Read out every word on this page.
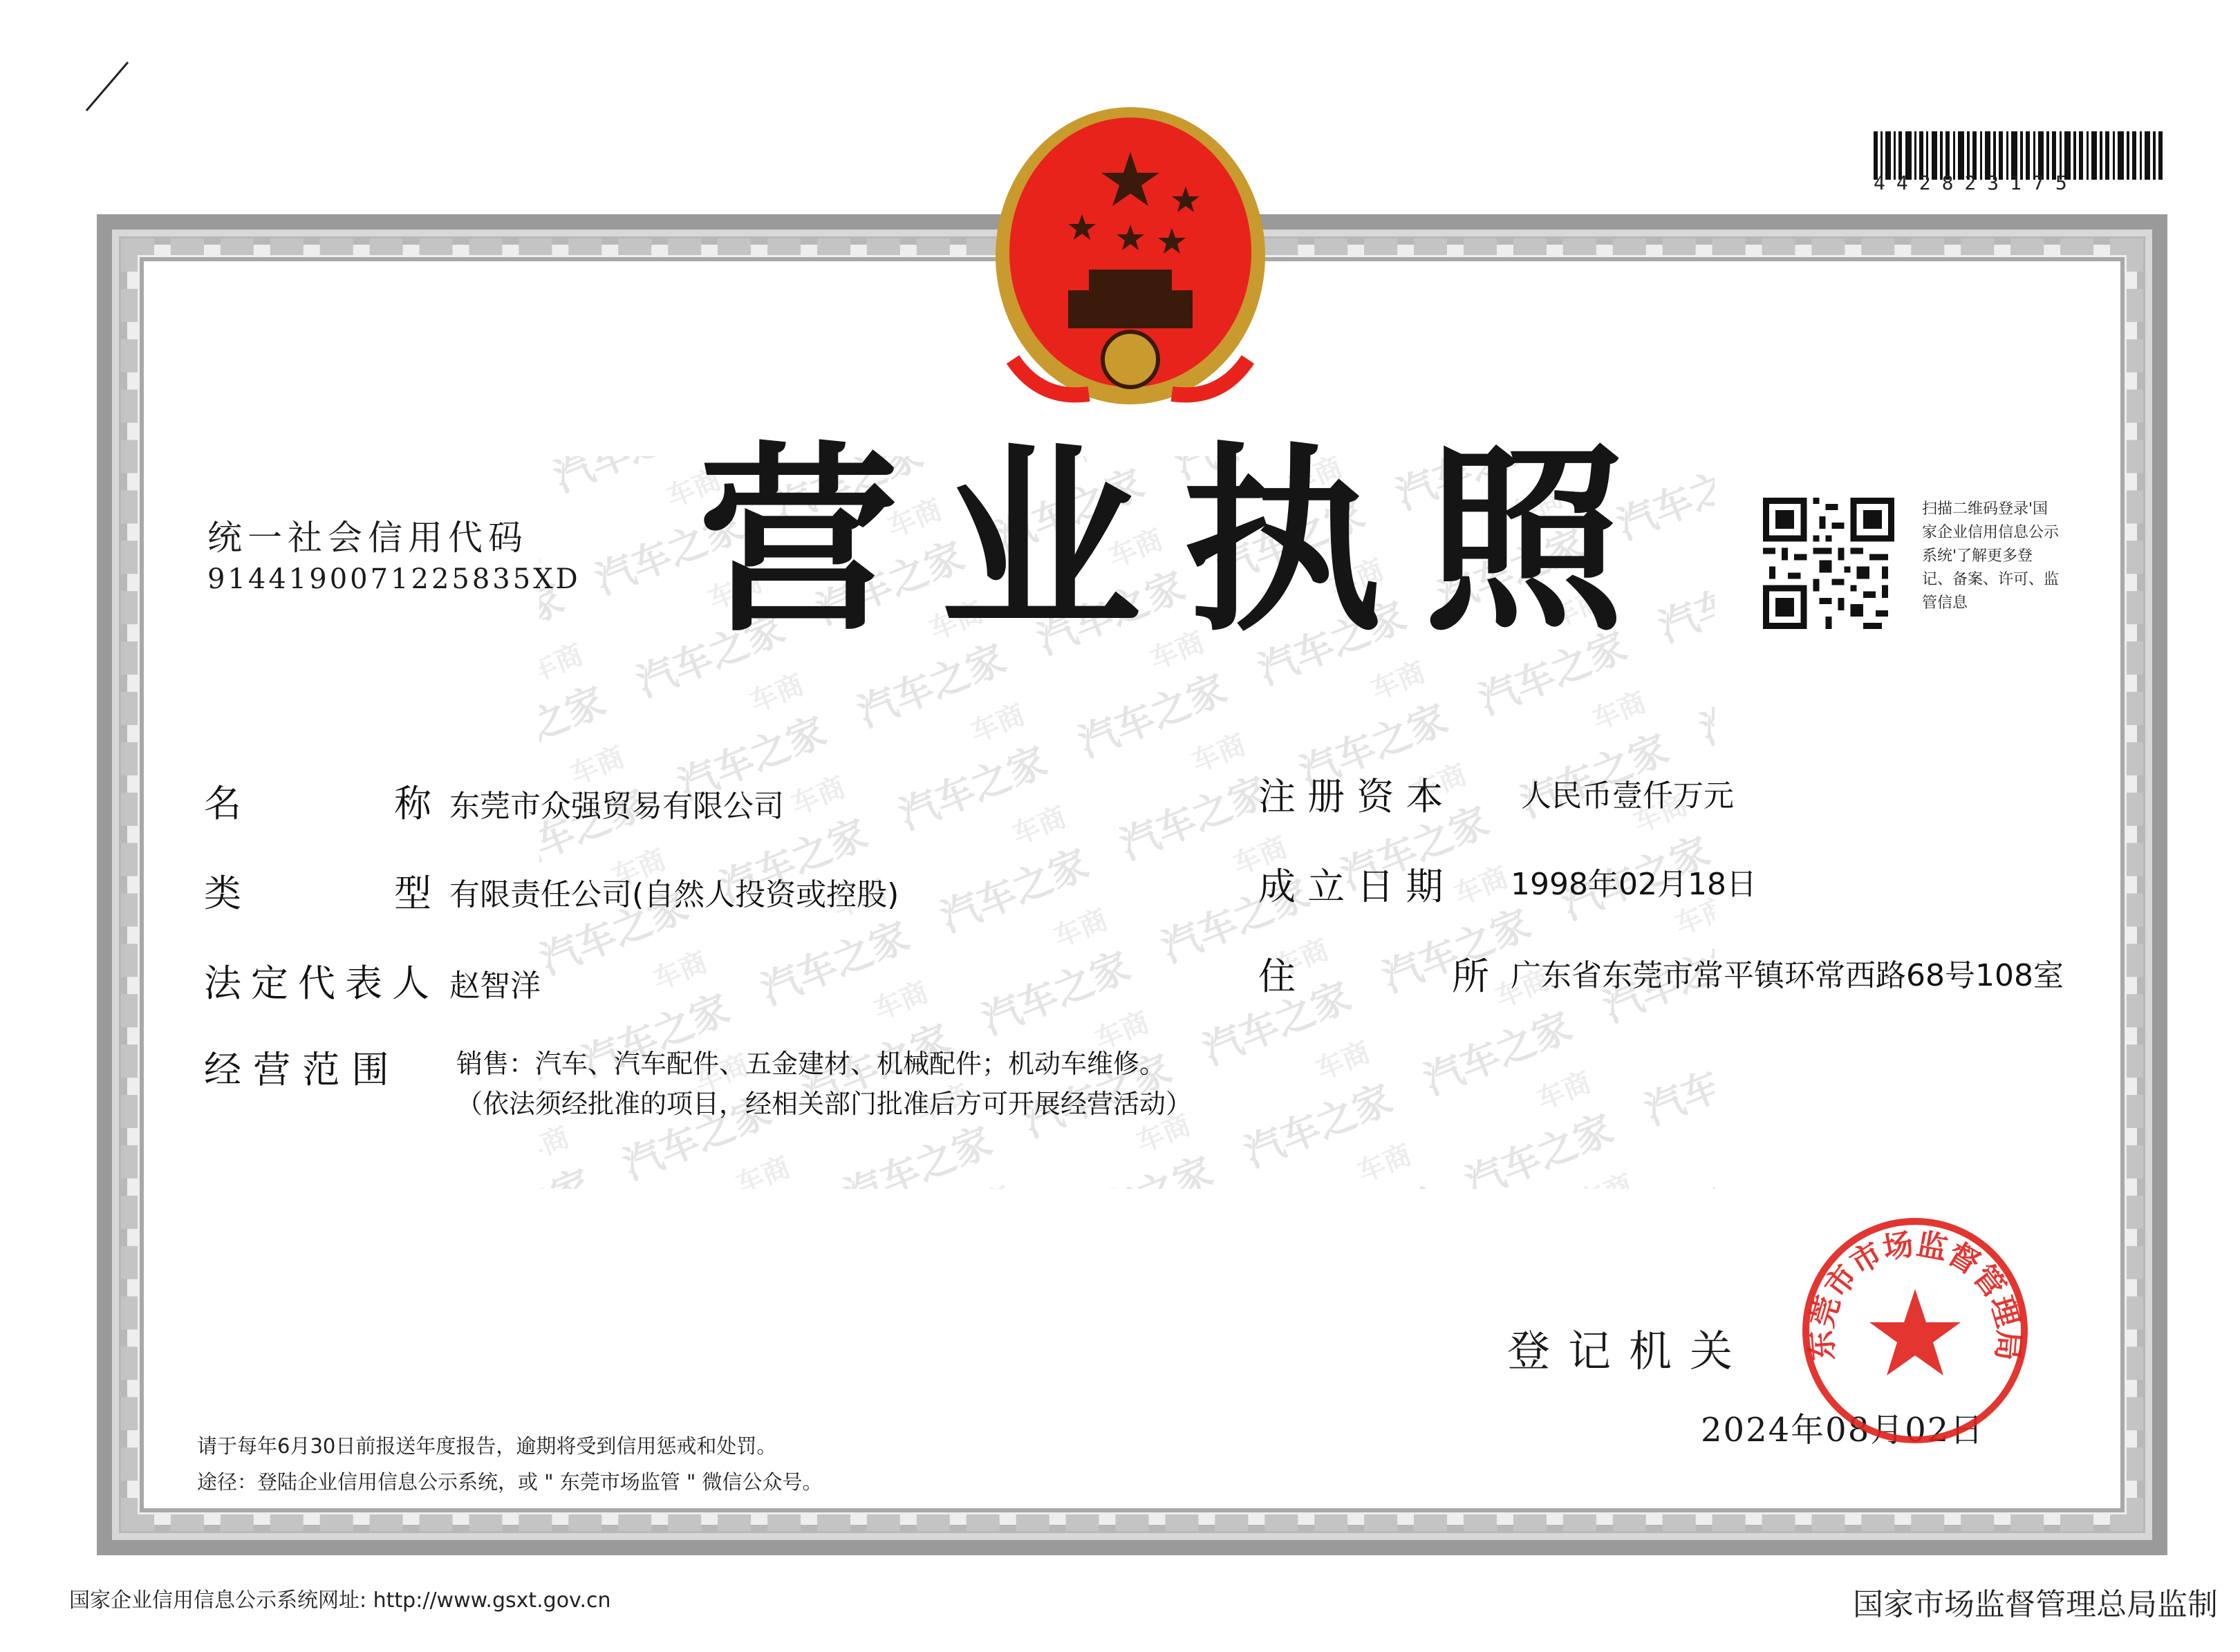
442823175
统一社会信用代码
914419007122583​5XD 营业执照	扫描二维码登录'国家企业信用信息公示系统'了解更多登记、备案、许可、监管信息
名	称 东莞市众强贸易有限公司
类	型 有限责任公司(自然人投资或控股)
法定代表人 赵智洋
经 营 范 围	销售：汽车、汽车配件、五金建材、机械配件；机动车维修。
（依法须经批准的项目，经相关部门批准后方可开展经营活动）
注 册 资 本	人民币壹仟万元
成 立 日 期 1998年02月18日
住	所 广东省东莞市常平镇环常西路68号108室
登记机关
2024年08月02日
东莞市市场监督管理局
请于每年6月30日前报送年度报告，逾期将受到信用惩戒和处罚。
途径：登陆企业信用信息公示系统，或 " 东莞市场监管 " 微信公众号。
国家企业信用信息公示系统网址: http://www.gsxt.gov.cn	国家市场监督管理总局监制
